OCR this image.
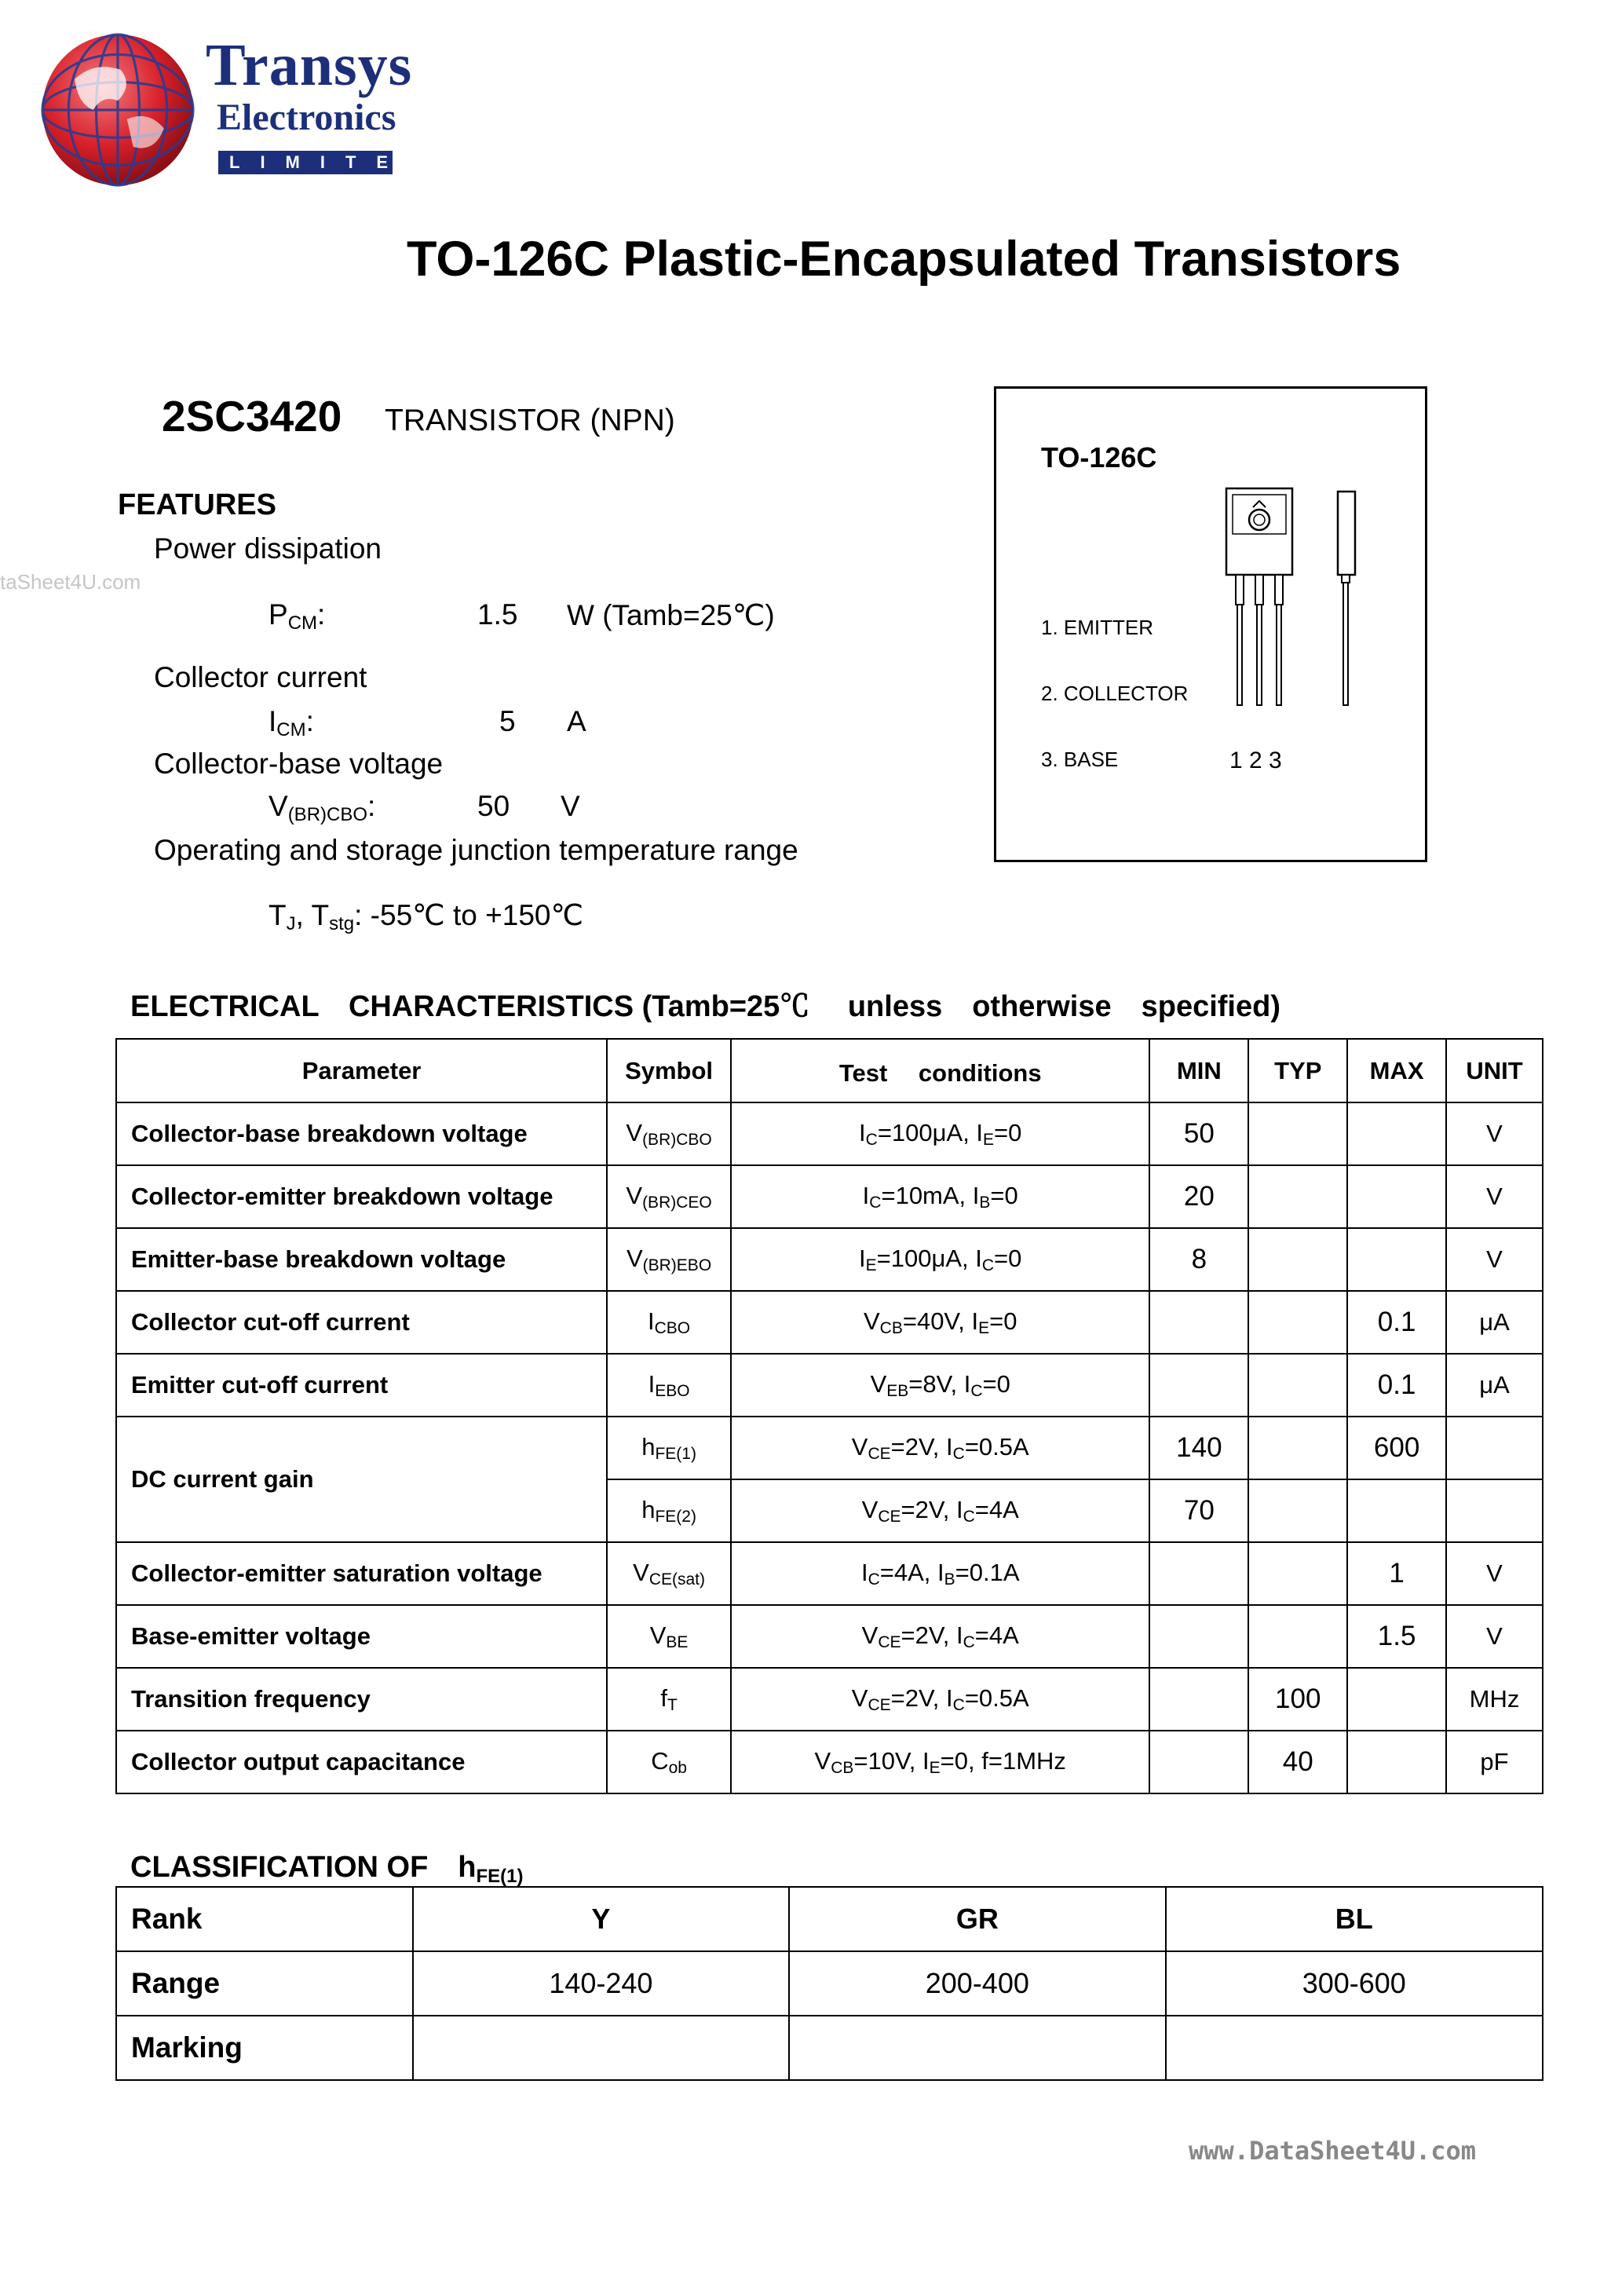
Transys
Electronics
LIMITED
TO-126C Plastic-Encapsulated Transistors
2SC3420 TRANSISTOR (NPN)
FEATURES
Power dissipation
taSheet4U.com
$P_{CM}$:	1.5 W (Tamb=25℃)
Collector current
$I_{CM}$:	5 A
Collector-base voltage
$V_{(BR)CBO}$:	50 V
Operating and storage junction temperature range
$T_J$, $T_{stg}$: -55℃ to +150℃
TO-126C
1. EMITTER
2. COLLECTOR
3. BASE	1 2 3
ELECTRICAL　CHARACTERISTICS (Tamb=25℃　 unless　otherwise　specified)
Parameter	Symbol	Test　 conditions	MIN	TYP	MAX	UNIT
Collector-base breakdown voltage	V(BR)CBO	IC=100μA, IE=0	50			V
Collector-emitter breakdown voltage	V(BR)CEO	IC=10mA, IB=0	20			V
Emitter-base breakdown voltage	V(BR)EBO	IE=100μA, IC=0	8			V
Collector cut-off current	ICBO	VCB=40V, IE=0			0.1	μA
Emitter cut-off current	IEBO	VEB=8V, IC=0			0.1	μA
DC current gain	hFE(1)	VCE=2V, IC=0.5A	140		600	
	hFE(2)	VCE=2V, IC=4A	70			
Collector-emitter saturation voltage	VCE(sat)	IC=4A, IB=0.1A			1	V
Base-emitter voltage	VBE	VCE=2V, IC=4A			1.5	V
Transition frequency	fT	VCE=2V, IC=0.5A		100		MHz
Collector output capacitance	Cob	VCB=10V, IE=0, f=1MHz		40		pF
CLASSIFICATION OF　hFE(1)
Rank	Y	GR	BL
Range	140-240	200-400	300-600
Marking			
www.DataSheet4U.com
